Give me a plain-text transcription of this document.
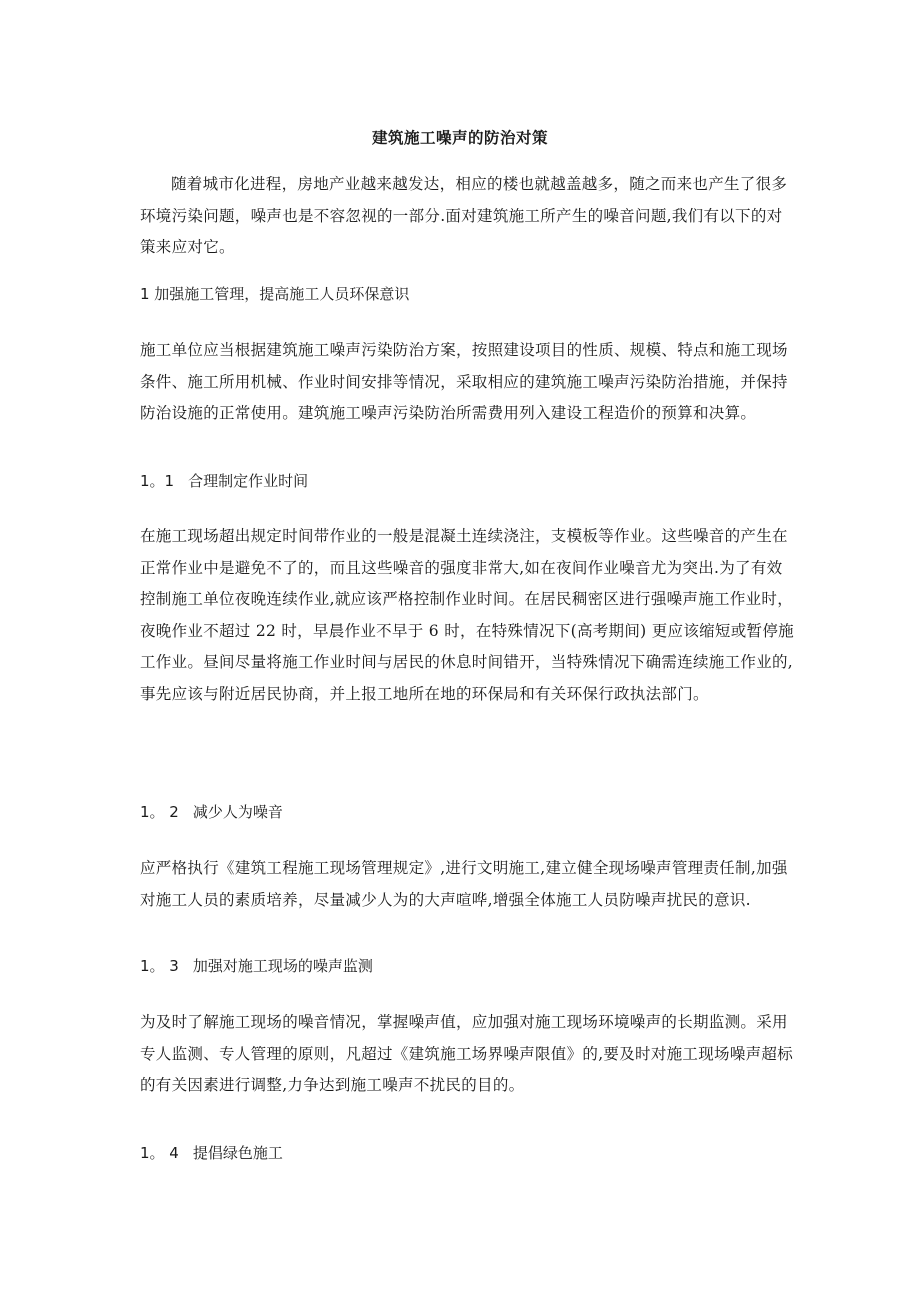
建筑施工噪声的防治对策

随着城市化进程，房地产业越来越发达，相应的楼也就越盖越多，随之而来也产生了很多环境污染问题，噪声也是不容忽视的一部分.面对建筑施工所产生的噪音问题,我们有以下的对策来应对它。

1 加强施工管理，提高施工人员环保意识

施工单位应当根据建筑施工噪声污染防治方案，按照建设项目的性质、规模、特点和施工现场条件、施工所用机械、作业时间安排等情况，采取相应的建筑施工噪声污染防治措施，并保持防治设施的正常使用。建筑施工噪声污染防治所需费用列入建设工程造价的预算和决算。

1。1 合理制定作业时间

在施工现场超出规定时间带作业的一般是混凝土连续浇注，支模板等作业。这些噪音的产生在正常作业中是避免不了的，而且这些噪音的强度非常大,如在夜间作业噪音尤为突出.为了有效控制施工单位夜晚连续作业,就应该严格控制作业时间。在居民稠密区进行强噪声施工作业时，夜晚作业不超过 22 时，早晨作业不早于 6 时，在特殊情况下(高考期间) 更应该缩短或暂停施工作业。昼间尽量将施工作业时间与居民的休息时间错开，当特殊情况下确需连续施工作业的,事先应该与附近居民协商，并上报工地所在地的环保局和有关环保行政执法部门。

1。 2 减少人为噪音

应严格执行《建筑工程施工现场管理规定》,进行文明施工,建立健全现场噪声管理责任制,加强对施工人员的素质培养，尽量减少人为的大声喧哗,增强全体施工人员防噪声扰民的意识.

1。 3 加强对施工现场的噪声监测

为及时了解施工现场的噪音情况，掌握噪声值，应加强对施工现场环境噪声的长期监测。采用专人监测、专人管理的原则，凡超过《建筑施工场界噪声限值》的,要及时对施工现场噪声超标的有关因素进行调整,力争达到施工噪声不扰民的目的。

1。 4 提倡绿色施工
